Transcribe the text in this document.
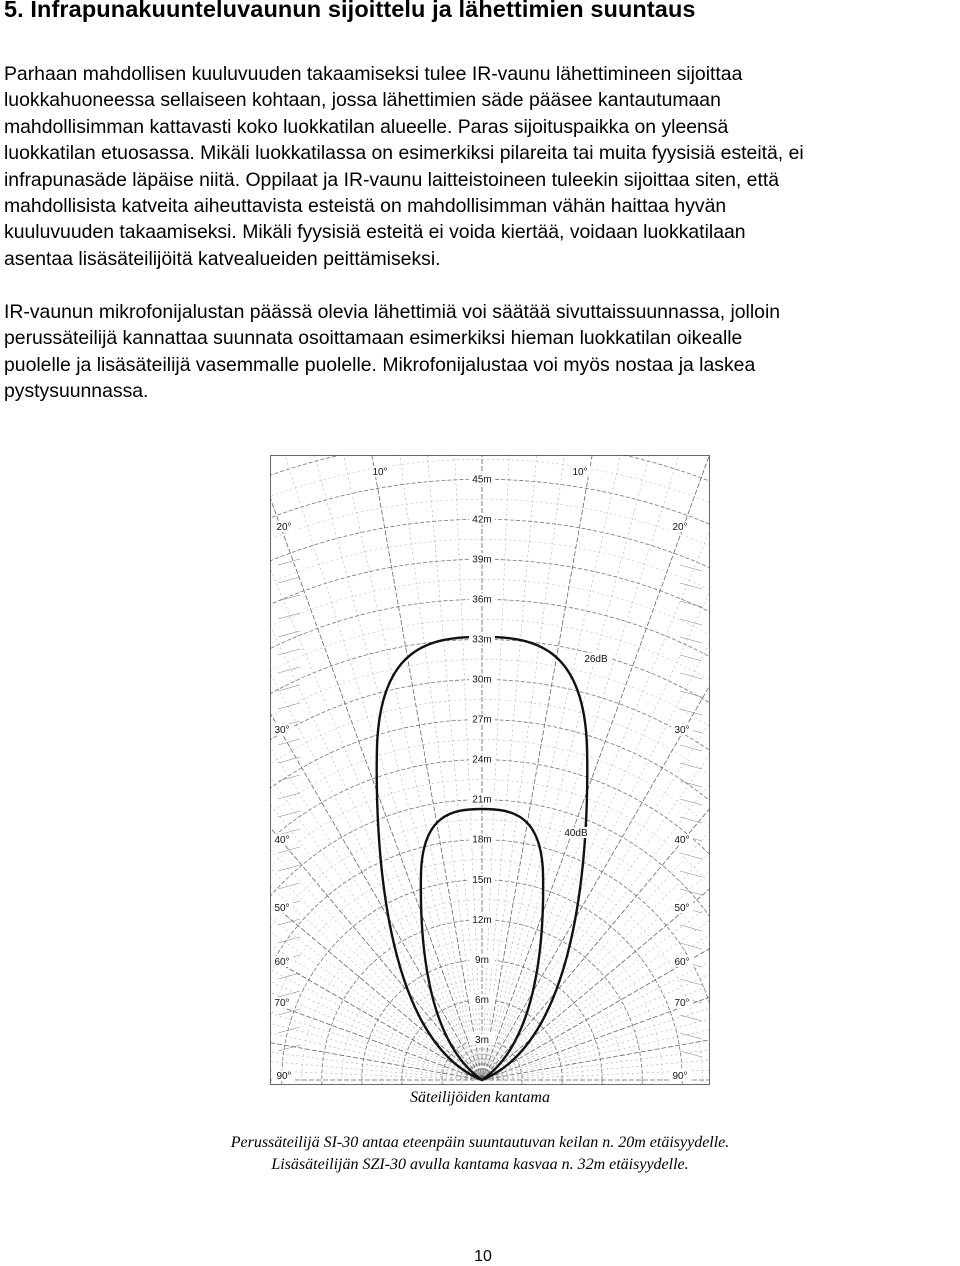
5. Infrapunakuunteluvaunun sijoittelu ja lähettimien suuntaus

Parhaan mahdollisen kuuluvuuden takaamiseksi tulee IR-vaunu lähettimineen sijoittaa
luokkahuoneessa sellaiseen kohtaan, jossa lähettimien säde pääsee kantautumaan
mahdollisimman kattavasti koko luokkatilan alueelle. Paras sijoituspaikka on yleensä
luokkatilan etuosassa. Mikäli luokkatilassa on esimerkiksi pilareita tai muita fyysisiä esteitä, ei
infrapunasäde läpäise niitä. Oppilaat ja IR-vaunu laitteistoineen tuleekin sijoittaa siten, että
mahdollisista katveita aiheuttavista esteistä on mahdollisimman vähän haittaa hyvän
kuuluvuuden takaamiseksi. Mikäli fyysisiä esteitä ei voida kiertää, voidaan luokkatilaan
asentaa lisäsäteilijöitä katvealueiden peittämiseksi.

IR-vaunun mikrofonijalustan päässä olevia lähettimiä voi säätää sivuttaissuunnassa, jolloin
perussäteilijä kannattaa suunnata osoittamaan esimerkiksi hieman luokkatilan oikealle
puolelle ja lisäsäteilijä vasemmalle puolelle. Mikrofonijalustaa voi myös nostaa ja laskea
pystysuunnassa.

45m
42m
39m
36m
33m
30m
27m
24m
21m
18m
15m
12m
9m
6m
3m
10°	10°
20°	20°
30°	30°
40°	40°
50°	50°
60°	60°
70°	70°
90°	90°
26dB
40dB
Säteilijöiden kantama
Perussäteilijä SI-30 antaa eteenpäin suuntautuvan keilan n. 20m etäisyydelle.
Lisäsäteilijän SZI-30 avulla kantama kasvaa n. 32m etäisyydelle.
10
